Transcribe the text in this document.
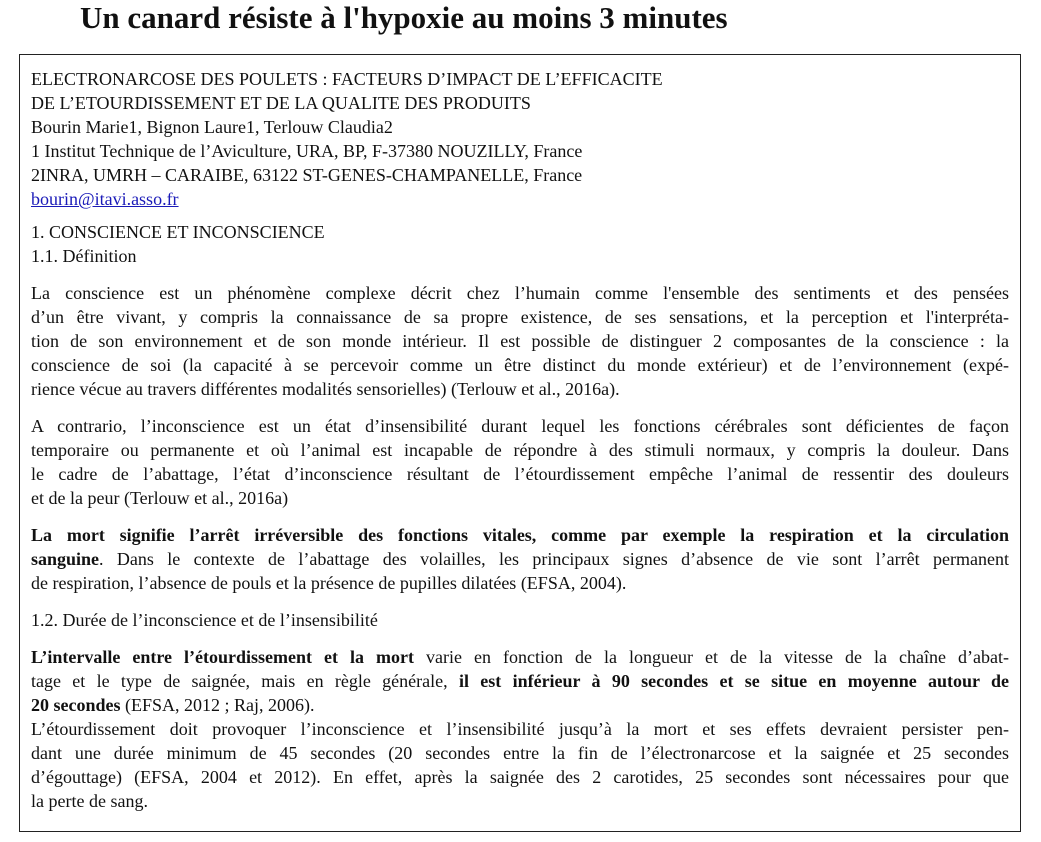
Un canard résiste à l'hypoxie au moins 3 minutes
ELECTRONARCOSE DES POULETS : FACTEURS D’IMPACT DE L’EFFICACITE
DE L’ETOURDISSEMENT ET DE LA QUALITE DES PRODUITS
Bourin Marie1, Bignon Laure1, Terlouw Claudia2
1 Institut Technique de l’Aviculture, URA, BP, F-37380 NOUZILLY, France
2INRA, UMRH – CARAIBE, 63122 ST-GENES-CHAMPANELLE, France
bourin@itavi.asso.fr
1. CONSCIENCE ET INCONSCIENCE
1.1. Définition
La conscience est un phénomène complexe décrit chez l’humain comme l'ensemble des sentiments et des pensées
d’un être vivant, y compris la connaissance de sa propre existence, de ses sensations, et la perception et l'interpréta-
tion de son environnement et de son monde intérieur. Il est possible de distinguer 2 composantes de la conscience : la
conscience de soi (la capacité à se percevoir comme un être distinct du monde extérieur) et de l’environnement (expé-
rience vécue au travers différentes modalités sensorielles) (Terlouw et al., 2016a).
A contrario, l’inconscience est un état d’insensibilité durant lequel les fonctions cérébrales sont déficientes de façon
temporaire ou permanente et où l’animal est incapable de répondre à des stimuli normaux, y compris la douleur. Dans
le cadre de l’abattage, l’état d’inconscience résultant de l’étourdissement empêche l’animal de ressentir des douleurs
et de la peur (Terlouw et al., 2016a)
La mort signifie l’arrêt irréversible des fonctions vitales, comme par exemple la respiration et la circulation
sanguine. Dans le contexte de l’abattage des volailles, les principaux signes d’absence de vie sont l’arrêt permanent
de respiration, l’absence de pouls et la présence de pupilles dilatées (EFSA, 2004).
1.2. Durée de l’inconscience et de l’insensibilité
L’intervalle entre l’étourdissement et la mort varie en fonction de la longueur et de la vitesse de la chaîne d’abat-
tage et le type de saignée, mais en règle générale, il est inférieur à 90 secondes et se situe en moyenne autour de
20 secondes (EFSA, 2012 ; Raj, 2006).
L’étourdissement doit provoquer l’inconscience et l’insensibilité jusqu’à la mort et ses effets devraient persister pen-
dant une durée minimum de 45 secondes (20 secondes entre la fin de l’électronarcose et la saignée et 25 secondes
d’égouttage) (EFSA, 2004 et 2012). En effet, après la saignée des 2 carotides, 25 secondes sont nécessaires pour que
la perte de sang.
